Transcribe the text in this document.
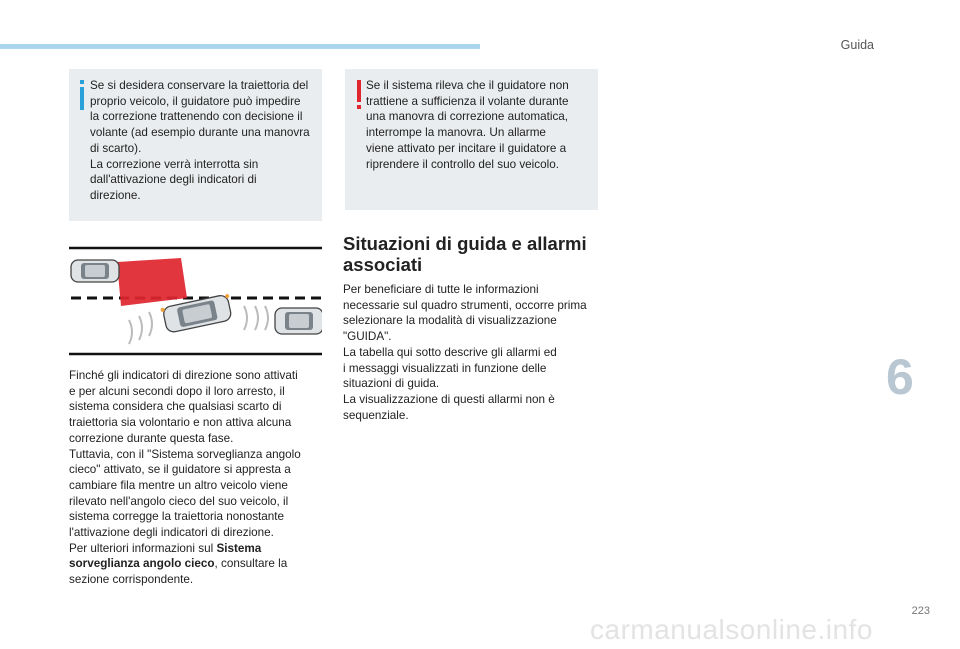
Guida
Se si desidera conservare la traiettoria del
proprio veicolo, il guidatore può impedire
la correzione trattenendo con decisione il
volante (ad esempio durante una manovra
di scarto).
La correzione verrà interrotta sin
dall'attivazione degli indicatori di
direzione.
Se il sistema rileva che il guidatore non
trattiene a sufficienza il volante durante
una manovra di correzione automatica,
interrompe la manovra. Un allarme
viene attivato per incitare il guidatore a
riprendere il controllo del suo veicolo.
Finché gli indicatori di direzione sono attivati
e per alcuni secondi dopo il loro arresto, il
sistema considera che qualsiasi scarto di
traiettoria sia volontario e non attiva alcuna
correzione durante questa fase.
Tuttavia, con il "Sistema sorveglianza angolo
cieco" attivato, se il guidatore si appresta a
cambiare fila mentre un altro veicolo viene
rilevato nell'angolo cieco del suo veicolo, il
sistema corregge la traiettoria nonostante
l'attivazione degli indicatori di direzione.
Per ulteriori informazioni sul Sistema
sorveglianza angolo cieco, consultare la
sezione corrispondente.
Situazioni di guida e allarmi associati
Per beneficiare di tutte le informazioni
necessarie sul quadro strumenti, occorre prima
selezionare la modalità di visualizzazione
"GUIDA".
La tabella qui sotto descrive gli allarmi ed
i messaggi visualizzati in funzione delle
situazioni di guida.
La visualizzazione di questi allarmi non è
sequenziale.
6
223
carmanualsonline.info
